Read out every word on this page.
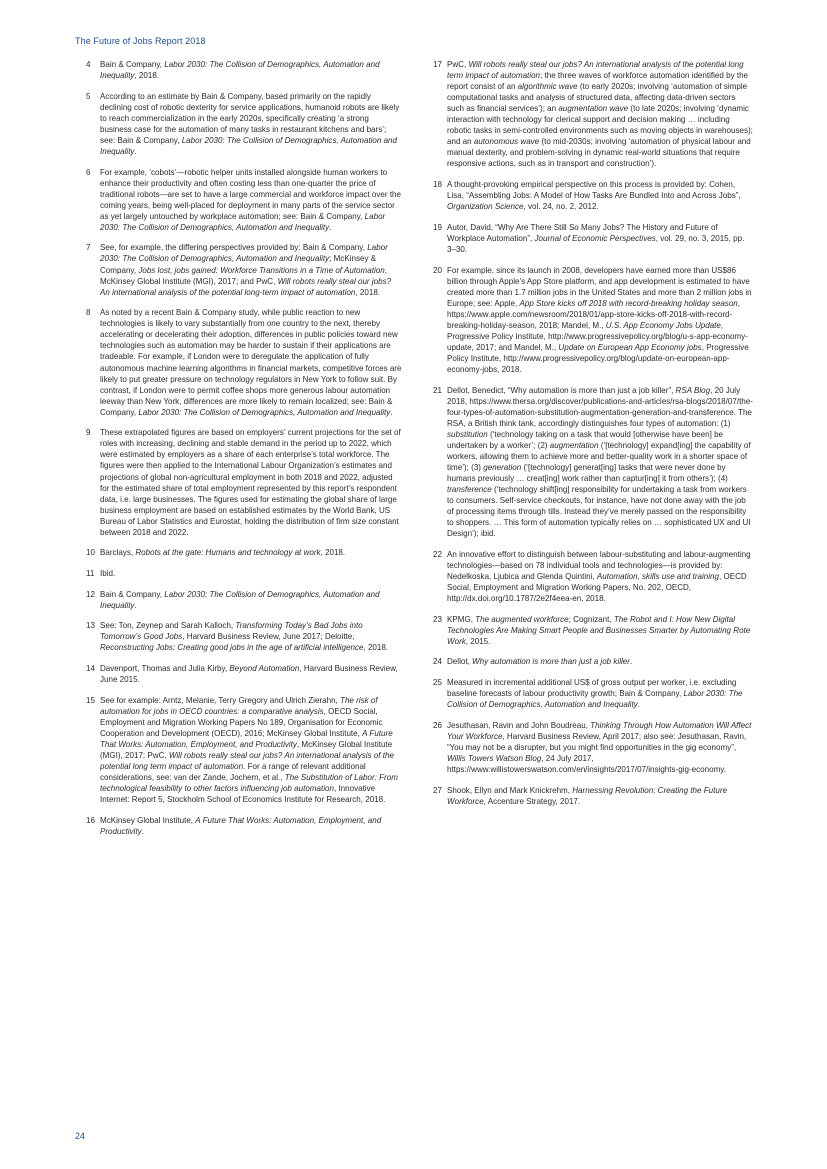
The Future of Jobs Report 2018
4	Bain & Company, Labor 2030: The Collision of Demographics, Automation and Inequality, 2018.
5	According to an estimate by Bain & Company, based primarily on the rapidly declining cost of robotic dexterity for service applications, humanoid robots are likely to reach commercialization in the early 2020s, specifically creating ‘a strong business case for the automation of many tasks in restaurant kitchens and bars’; see: Bain & Company, Labor 2030: The Collision of Demographics, Automation and Inequality.
6	For example, ‘cobots’—robotic helper units installed alongside human workers to enhance their productivity and often costing less than one-quarter the price of traditional robots—are set to have a large commercial and workforce impact over the coming years, being well-placed for deployment in many parts of the service sector as yet largely untouched by workplace automation; see: Bain & Company, Labor 2030: The Collision of Demographics, Automation and Inequality.
7	See, for example, the differing perspectives provided by: Bain & Company, Labor 2030: The Collision of Demographics, Automation and Inequality; McKinsey & Company, Jobs lost, jobs gained: Workforce Transitions in a Time of Automation, McKinsey Global Institute (MGI), 2017; and PwC, Will robots really steal our jobs? An international analysis of the potential long-term impact of automation, 2018.
8	As noted by a recent Bain & Company study, while public reaction to new technologies is likely to vary substantially from one country to the next, thereby accelerating or decelerating their adoption, differences in public policies toward new technologies such as automation may be harder to sustain if their applications are tradeable. For example, if London were to deregulate the application of fully autonomous machine learning algorithms in financial markets, competitive forces are likely to put greater pressure on technology regulators in New York to follow suit. By contrast, if London were to permit coffee shops more generous labour automation leeway than New York, differences are more likely to remain localized; see: Bain & Company, Labor 2030: The Collision of Demographics, Automation and Inequality.
9	These extrapolated figures are based on employers’ current projections for the set of roles with increasing, declining and stable demand in the period up to 2022, which were estimated by employers as a share of each enterprise’s total workforce. The figures were then applied to the International Labour Organization’s estimates and projections of global non-agricultural employment in both 2018 and 2022, adjusted for the estimated share of total employment represented by this report’s respondent data, i.e. large businesses. The figures used for estimating the global share of large business employment are based on established estimates by the World Bank, US Bureau of Labor Statistics and Eurostat, holding the distribution of firm size constant between 2018 and 2022.
10 Barclays, Robots at the gate: Humans and technology at work, 2018.
11 Ibid.
12 Bain & Company, Labor 2030: The Collision of Demographics, Automation and Inequality.
13 See: Ton, Zeynep and Sarah Kalloch, Transforming Today’s Bad Jobs into Tomorrow’s Good Jobs, Harvard Business Review, June 2017; Deloitte, Reconstructing Jobs: Creating good jobs in the age of artificial intelligence, 2018.
14 Davenport, Thomas and Julia Kirby, Beyond Automation, Harvard Business Review, June 2015.
15 See for example: Arntz, Melanie, Terry Gregory and Ulrich Zierahn, The risk of automation for jobs in OECD countries: a comparative analysis, OECD Social, Employment and Migration Working Papers No 189, Organisation for Economic Cooperation and Development (OECD), 2016; McKinsey Global Institute, A Future That Works: Automation, Employment, and Productivity, McKinsey Global Institute (MGI), 2017; PwC, Will robots really steal our jobs? An international analysis of the potential long term impact of automation. For a range of relevant additional considerations, see: van der Zande, Jochem, et al., The Substitution of Labor: From technological feasibility to other factors influencing job automation, Innovative Internet: Report 5, Stockholm School of Economics Institute for Research, 2018.
16 McKinsey Global Institute, A Future That Works: Automation, Employment, and Productivity.
17 PwC, Will robots really steal our jobs? An international analysis of the potential long term impact of automation; the three waves of workforce automation identified by the report consist of an algorithmic wave (to early 2020s; involving ‘automation of simple computational tasks and analysis of structured data, affecting data-driven sectors such as financial services’); an augmentation wave (to late 2020s; involving ‘dynamic interaction with technology for clerical support and decision making … including robotic tasks in semi-controlled environments such as moving objects in warehouses); and an autonomous wave (to mid-2030s; involving ‘automation of physical labour and manual dexterity, and problem-solving in dynamic real-world situations that require responsive actions, such as in transport and construction’).
18 A thought-provoking empirical perspective on this process is provided by: Cohen, Lisa, “Assembling Jobs: A Model of How Tasks Are Bundled Into and Across Jobs”, Organization Science, vol. 24, no. 2, 2012.
19 Autor, David, “Why Are There Still So Many Jobs? The History and Future of Workplace Automation”, Journal of Economic Perspectives, vol. 29, no. 3, 2015, pp. 3–30.
20 For example, since its launch in 2008, developers have earned more than US$86 billion through Apple’s App Store platform, and app development is estimated to have created more than 1.7 million jobs in the United States and more than 2 million jobs in Europe; see: Apple, App Store kicks off 2018 with record-breaking holiday season, https://www.apple.com/newsroom/2018/01/app-store-kicks-off-2018-with-record-breaking-holiday-season, 2018; Mandel, M., U.S. App Economy Jobs Update, Progressive Policy Institute, http://www.progressivepolicy.org/blog/u-s-app-economy-update, 2017; and Mandel, M., Update on European App Economy jobs, Progressive Policy Institute, http://www.progressivepolicy.org/blog/update-on-european-app-economy-jobs, 2018.
21 Dellot, Benedict, “Why automation is more than just a job killer”, RSA Blog, 20 July 2018, https://www.thersa.org/discover/publications-and-articles/rsa-blogs/2018/07/the-four-types-of-automation-substitution-augmentation-generation-and-transference. The RSA, a British think tank, accordingly distinguishes four types of automation: (1) substitution (‘technology taking on a task that would [otherwise have been] be undertaken by a worker’; (2) augmentation (‘[technology] expand[ing] the capability of workers, allowing them to achieve more and better-quality work in a shorter space of time’); (3) generation (‘[technology] generat[ing] tasks that were never done by humans previously … creat[ing] work rather than captur[ing] it from others’); (4) transference (‘technology shift[ing] responsibility for undertaking a task from workers to consumers. Self-service checkouts, for instance, have not done away with the job of processing items through tills. Instead they’ve merely passed on the responsibility to shoppers. … This form of automation typically relies on … sophisticated UX and UI Design’); ibid.
22 An innovative effort to distinguish between labour-substituting and labour-augmenting technologies—based on 78 individual tools and technologies—is provided by: Nedelkoska, Ljubica and Glenda Quintini, Automation, skills use and training, OECD Social, Employment and Migration Working Papers, No. 202, OECD, http://dx.doi.org/10.1787/2e2f4eea-en, 2018.
23 KPMG, The augmented workforce; Cognizant, The Robot and I: How New Digital Technologies Are Making Smart People and Businesses Smarter by Automating Rote Work, 2015.
24 Dellot, Why automation is more than just a job killer.
25 Measured in incremental additional US$ of gross output per worker, i.e. excluding baseline forecasts of labour productivity growth; Bain & Company, Labor 2030: The Collision of Demographics, Automation and Inequality.
26 Jesuthasan, Ravin and John Boudreau, Thinking Through How Automation Will Affect Your Workforce, Harvard Business Review, April 2017; also see: Jesuthasan, Ravin, “You may not be a disrupter, but you might find opportunities in the gig economy”, Willis Towers Watson Blog, 24 July 2017, https://www.willistowerswatson.com/en/insights/2017/07/insights-gig-economy.
27 Shook, Ellyn and Mark Knickrehm, Harnessing Revolution: Creating the Future Workforce, Accenture Strategy, 2017.
24
